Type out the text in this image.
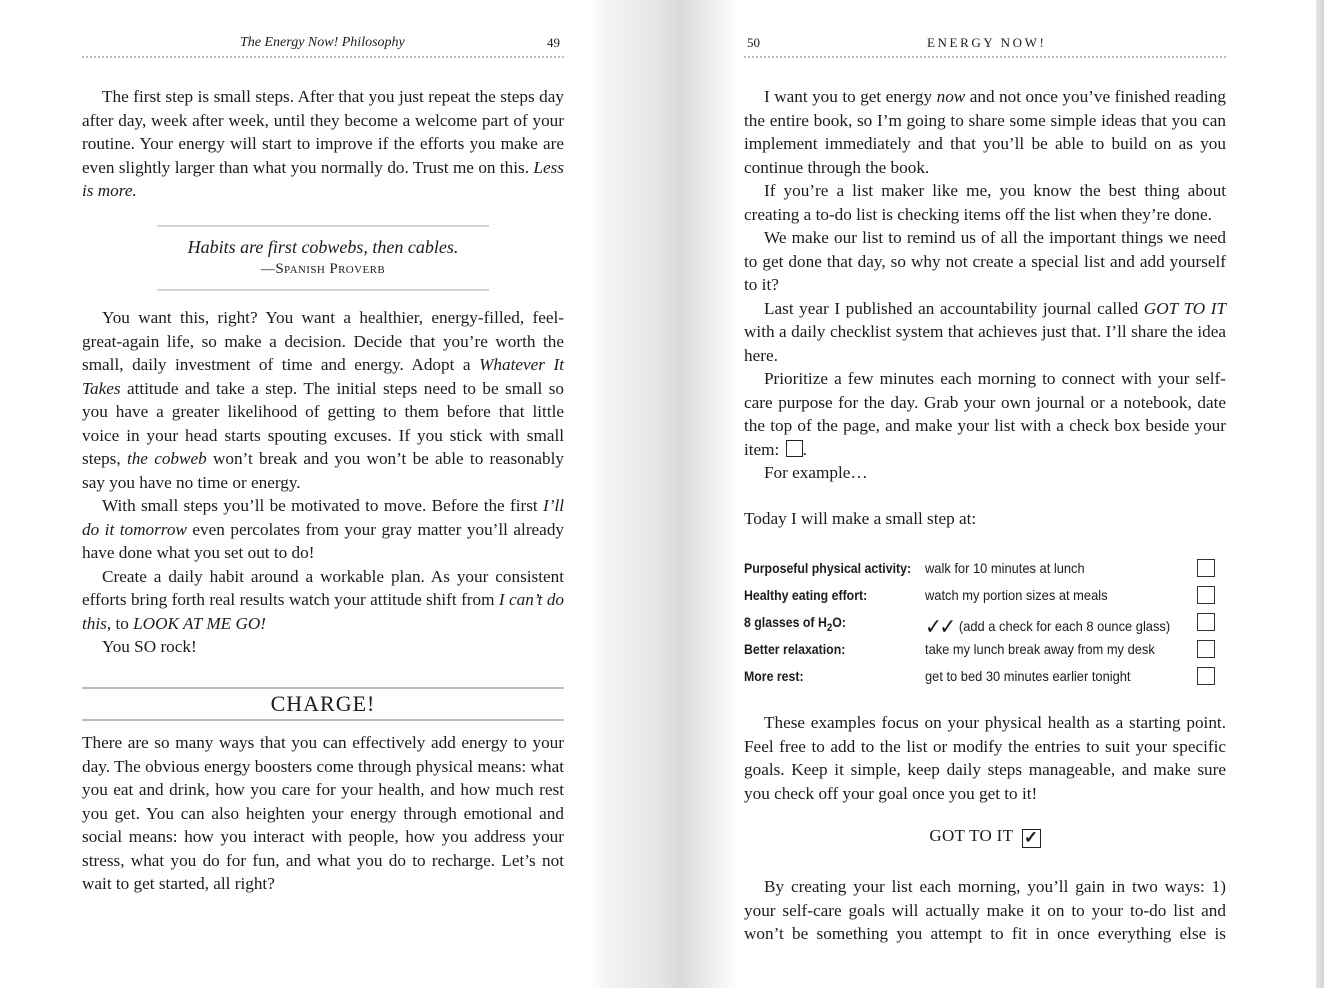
The Energy Now! Philosophy	49

The first step is small steps. After that you just repeat the steps day after day, week after week, until they become a welcome part of your routine. Your energy will start to improve if the efforts you make are even slightly larger than what you normally do. Trust me on this. Less is more.

Habits are first cobwebs, then cables.
—Spanish Proverb

You want this, right? You want a healthier, energy-filled, feel-great-again life, so make a decision. Decide that you’re worth the small, daily investment of time and energy. Adopt a Whatever It Takes attitude and take a step. The initial steps need to be small so you have a greater likelihood of getting to them before that little voice in your head starts spouting excuses. If you stick with small steps, the cobweb won’t break and you won’t be able to reasonably say you have no time or energy.

With small steps you’ll be motivated to move. Before the first I’ll do it tomorrow even percolates from your gray matter you’ll already have done what you set out to do!

Create a daily habit around a workable plan. As your consistent efforts bring forth real results watch your attitude shift from I can’t do this, to LOOK AT ME GO!

You SO rock!

CHARGE!

There are so many ways that you can effectively add energy to your day. The obvious energy boosters come through physical means: what you eat and drink, how you care for your health, and how much rest you get. You can also heighten your energy through emotional and social means: how you interact with people, how you address your stress, what you do for fun, and what you do to recharge. Let’s not wait to get started, all right?

50	ENERGY NOW!

I want you to get energy now and not once you’ve finished reading the entire book, so I’m going to share some simple ideas that you can implement immediately and that you’ll be able to build on as you continue through the book.

If you’re a list maker like me, you know the best thing about creating a to-do list is checking items off the list when they’re done.

We make our list to remind us of all the important things we need to get done that day, so why not create a special list and add yourself to it?

Last year I published an accountability journal called GOT TO IT with a daily checklist system that achieves just that. I’ll share the idea here.

Prioritize a few minutes each morning to connect with your self-care purpose for the day. Grab your own journal or a notebook, date the top of the page, and make your list with a check box beside your item: .

For example…

Today I will make a small step at:

Purposeful physical activity: walk for 10 minutes at lunch
Healthy eating effort:	watch my portion sizes at meals
8 glasses of $H_2O$:	✓✓ (add a check for each 8 ounce glass)
Better relaxation:	take my lunch break away from my desk
More rest:	get to bed 30 minutes earlier tonight

These examples focus on your physical health as a starting point. Feel free to add to the list or modify the entries to suit your specific goals. Keep it simple, keep daily steps manageable, and make sure you check off your goal once you get to it!

GOT TO IT ✓

By creating your list each morning, you’ll gain in two ways: 1) your self-care goals will actually make it on to your to-do list and won’t be something you attempt to fit in once everything else is
